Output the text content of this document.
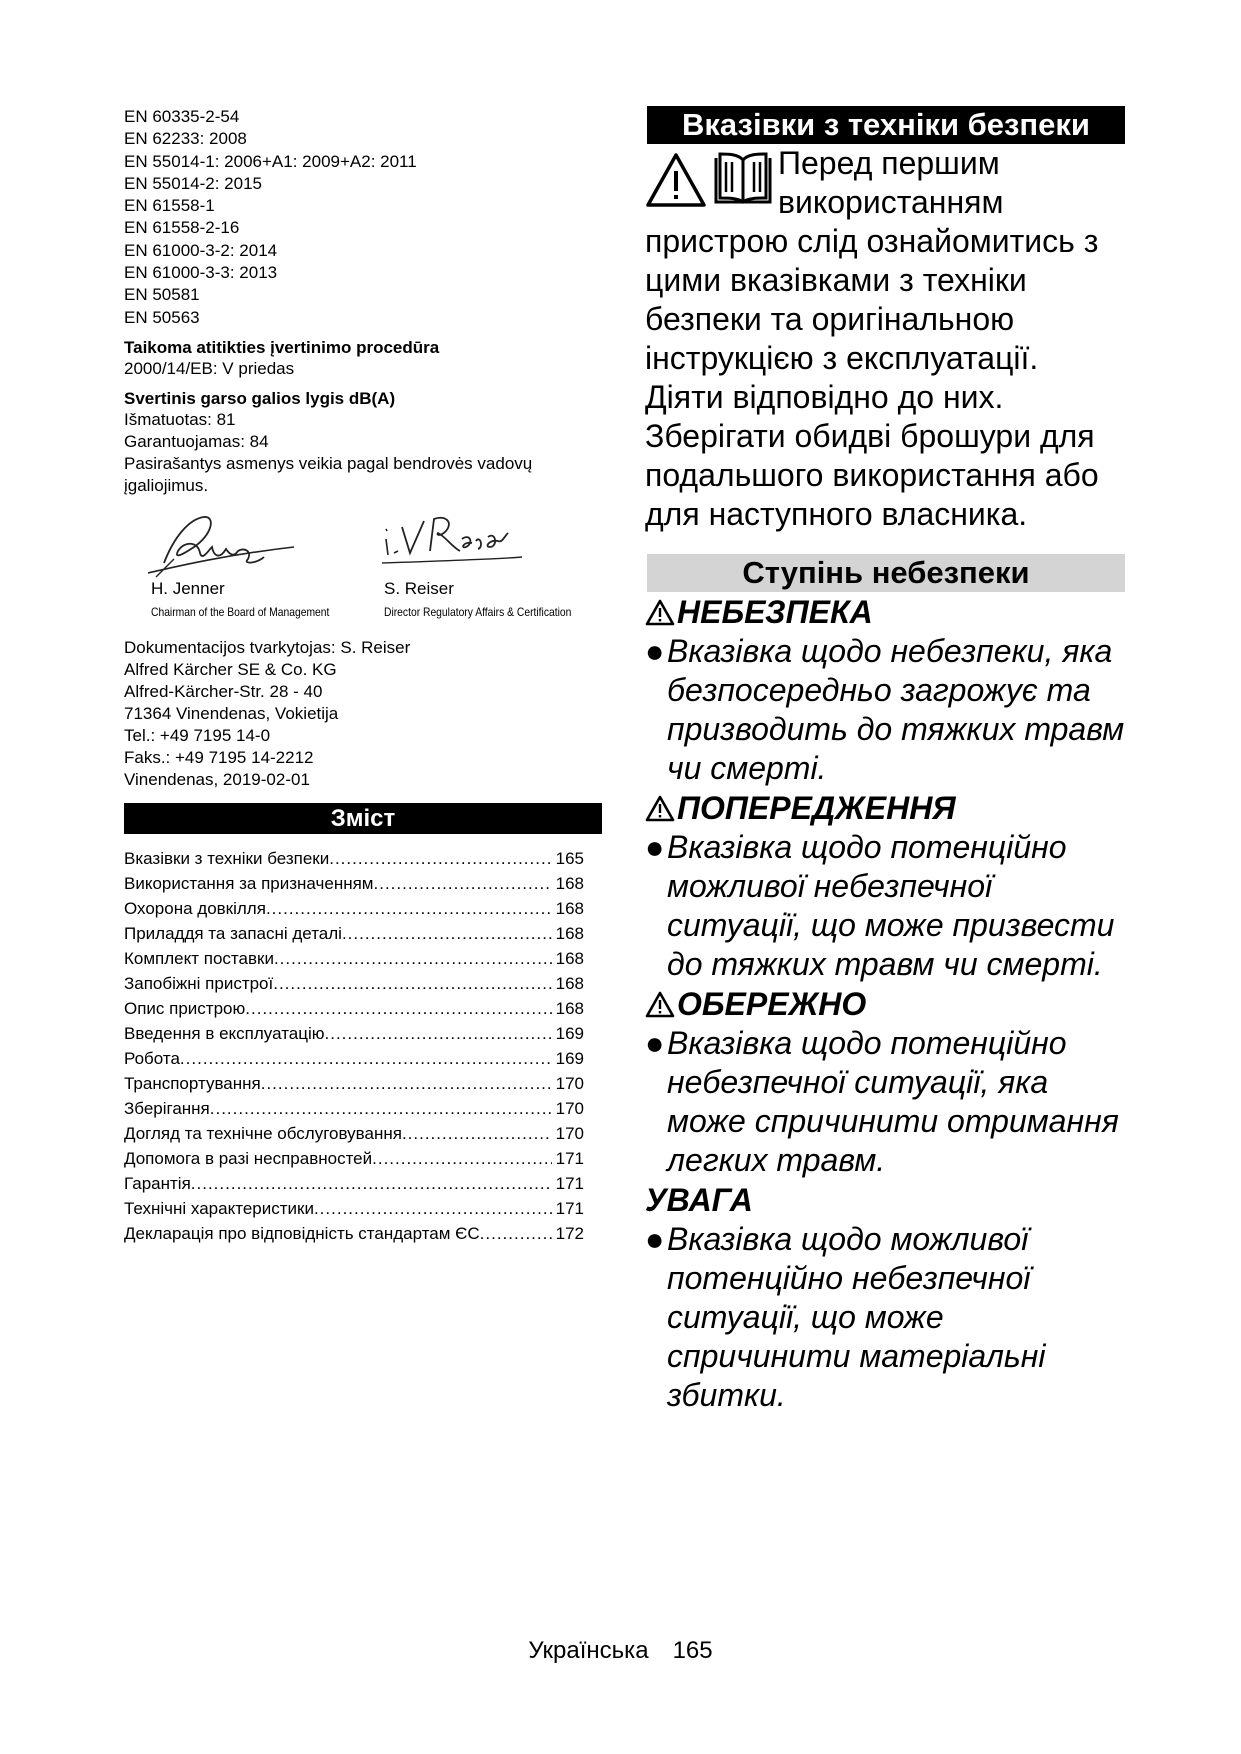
EN 60335-2-54
EN 62233: 2008
EN 55014-1: 2006+A1: 2009+A2: 2011
EN 55014-2: 2015
EN 61558-1
EN 61558-2-16
EN 61000-3-2: 2014
EN 61000-3-3: 2013
EN 50581
EN 50563
Taikoma atitikties įvertinimo procedūra
2000/14/EB: V priedas
Svertinis garso galios lygis dB(A)
Išmatuotas: 81
Garantuojamas: 84
Pasirašantys asmenys veikia pagal bendrovės vadovų įgaliojimus.
H. Jenner
Chairman of the Board of Management
S. Reiser
Director Regulatory Affairs & Certification
Dokumentacijos tvarkytojas: S. Reiser
Alfred Kärcher SE & Co. KG
Alfred-Kärcher-Str. 28 - 40
71364 Vinendenas, Vokietija
Tel.: +49 7195 14-0
Faks.: +49 7195 14-2212
Vinendenas, 2019-02-01
Зміст
Вказівки з техніки безпеки .....	165
Використання за призначенням .....	168
Охорона довкілля .....	168
Приладдя та запасні деталі .....	168
Комплект поставки .....	168
Запобіжні пристрої .....	168
Опис пристрою .....	168
Введення в експлуатацію .....	169
Робота .....	169
Транспортування .....	170
Зберігання .....	170
Догляд та технічне обслуговування .....	170
Допомога в разі несправностей .....	171
Гарантія .....	171
Технічні характеристики .....	171
Декларація про відповідність стандартам ЄС .....	172
Вказівки з техніки безпеки
Перед першим використанням
пристрою слід ознайомитись з цими вказівками з техніки безпеки та оригінальною інструкцією з експлуатації. Діяти відповідно до них. Зберігати обидві брошури для подальшого використання або для наступного власника.
Ступінь небезпеки
НЕБЕЗПЕКА
● Вказівка щодо небезпеки, яка безпосередньо загрожує та призводить до тяжких травм чи смерті.
ПОПЕРЕДЖЕННЯ
● Вказівка щодо потенційно можливої небезпечної ситуації, що може призвести до тяжких травм чи смерті.
ОБЕРЕЖНО
● Вказівка щодо потенційно небезпечної ситуації, яка може спричинити отримання легких травм.
УВАГА
● Вказівка щодо можливої потенційно небезпечної ситуації, що може спричинити матеріальні збитки.
Українська 165
